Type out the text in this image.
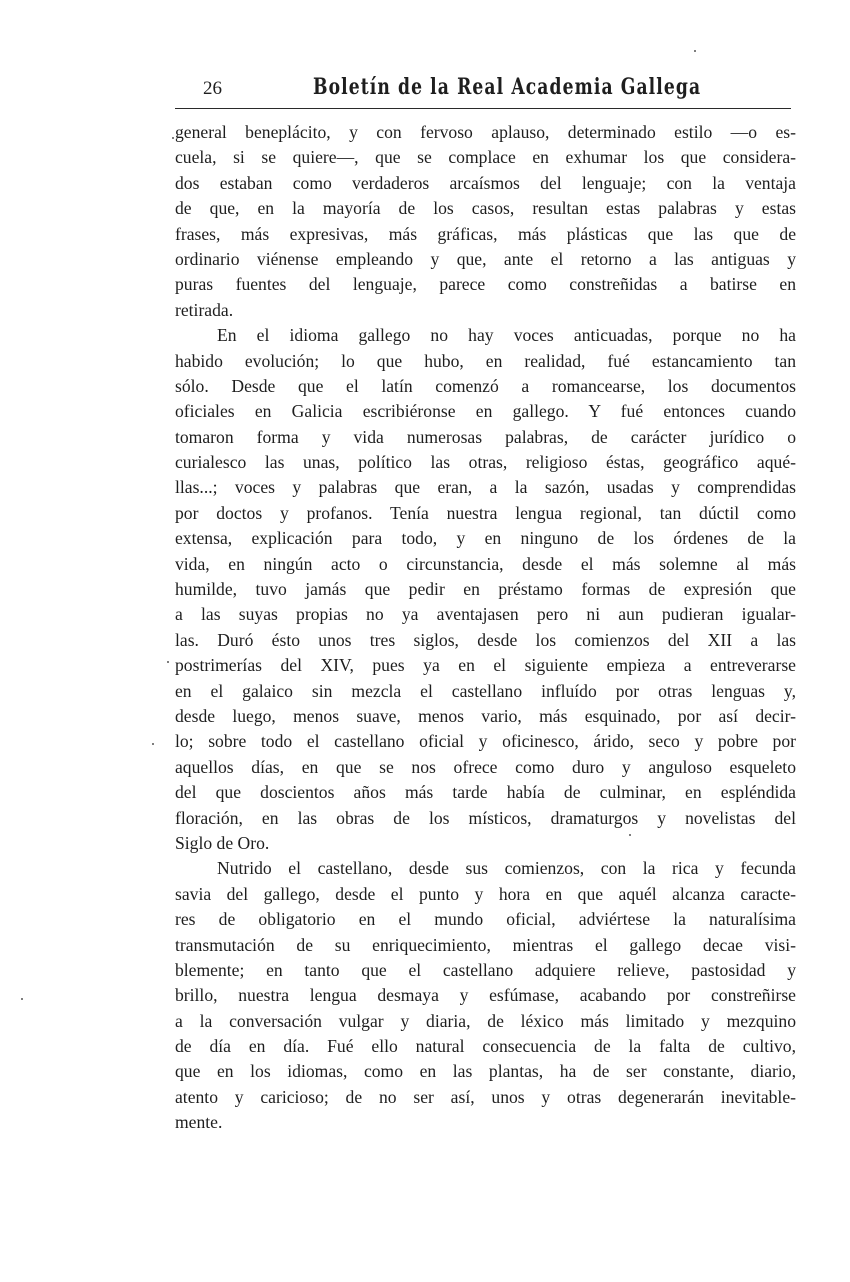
26	Boletín de la Real Academia Gallega
general beneplácito, y con fervoso aplauso, determinado estilo —o es-
cuela, si se quiere—, que se complace en exhumar los que considera-
dos estaban como verdaderos arcaísmos del lenguaje; con la ventaja
de que, en la mayoría de los casos, resultan estas palabras y estas
frases, más expresivas, más gráficas, más plásticas que las que de
ordinario viénense empleando y que, ante el retorno a las antiguas y
puras fuentes del lenguaje, parece como constreñidas a batirse en
retirada.
En el idioma gallego no hay voces anticuadas, porque no ha
habido evolución; lo que hubo, en realidad, fué estancamiento tan
sólo. Desde que el latín comenzó a romancearse, los documentos
oficiales en Galicia escribiéronse en gallego. Y fué entonces cuando
tomaron forma y vida numerosas palabras, de carácter jurídico o
curialesco las unas, político las otras, religioso éstas, geográfico aqué-
llas...; voces y palabras que eran, a la sazón, usadas y comprendidas
por doctos y profanos. Tenía nuestra lengua regional, tan dúctil como
extensa, explicación para todo, y en ninguno de los órdenes de la
vida, en ningún acto o circunstancia, desde el más solemne al más
humilde, tuvo jamás que pedir en préstamo formas de expresión que
a las suyas propias no ya aventajasen pero ni aun pudieran igualar-
las. Duró ésto unos tres siglos, desde los comienzos del XII a las
postrimerías del XIV, pues ya en el siguiente empieza a entreverarse
en el galaico sin mezcla el castellano influído por otras lenguas y,
desde luego, menos suave, menos vario, más esquinado, por así decir-
lo; sobre todo el castellano oficial y oficinesco, árido, seco y pobre por
aquellos días, en que se nos ofrece como duro y anguloso esqueleto
del que doscientos años más tarde había de culminar, en espléndida
floración, en las obras de los místicos, dramaturgos y novelistas del
Siglo de Oro.
Nutrido el castellano, desde sus comienzos, con la rica y fecunda
savia del gallego, desde el punto y hora en que aquél alcanza caracte-
res de obligatorio en el mundo oficial, adviértese la naturalísima
transmutación de su enriquecimiento, mientras el gallego decae visi-
blemente; en tanto que el castellano adquiere relieve, pastosidad y
brillo, nuestra lengua desmaya y esfúmase, acabando por constreñirse
a la conversación vulgar y diaria, de léxico más limitado y mezquino
de día en día. Fué ello natural consecuencia de la falta de cultivo,
que en los idiomas, como en las plantas, ha de ser constante, diario,
atento y caricioso; de no ser así, unos y otras degenerarán inevitable-
mente.
